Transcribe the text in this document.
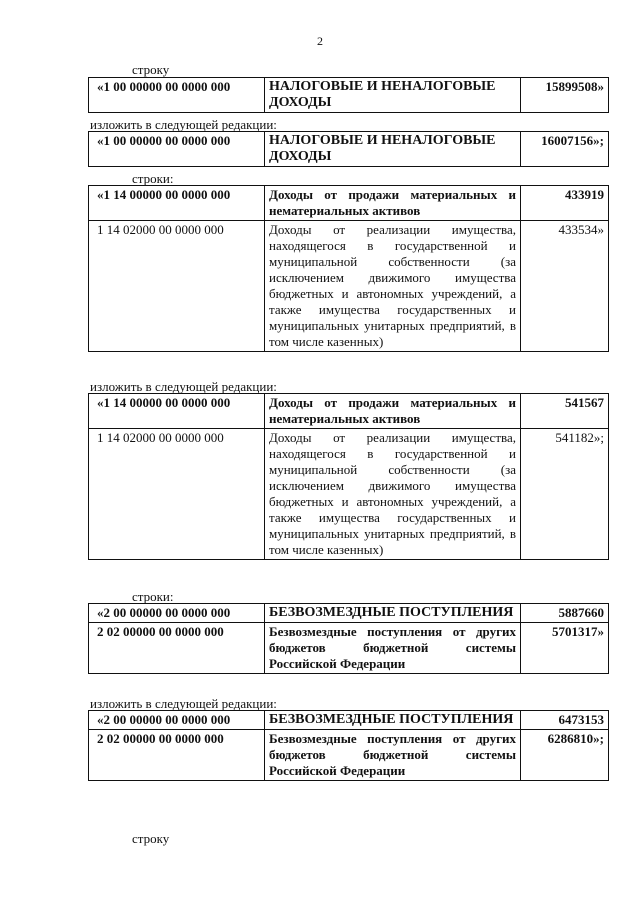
2
строку
«1 00 00000 00 0000 000	НАЛОГОВЫЕ И НЕНАЛОГОВЫЕ ДОХОДЫ	15899508»
изложить в следующей редакции:
«1 00 00000 00 0000 000	НАЛОГОВЫЕ И НЕНАЛОГОВЫЕ ДОХОДЫ	16007156»;
строки:
«1 14 00000 00 0000 000	Доходы от продажи материальных и нематериальных активов	433919
1 14 02000 00 0000 000	Доходы от реализации имущества, находящегося в государственной и муниципальной собственности (за исключением движимого имущества бюджетных и автономных учреждений, а также имущества государственных и муниципальных унитарных предприятий, в том числе казенных)	433534»
изложить в следующей редакции:
«1 14 00000 00 0000 000	Доходы от продажи материальных и нематериальных активов	541567
1 14 02000 00 0000 000	Доходы от реализации имущества, находящегося в государственной и муниципальной собственности (за исключением движимого имущества бюджетных и автономных учреждений, а также имущества государственных и муниципальных унитарных предприятий, в том числе казенных)	541182»;
строки:
«2 00 00000 00 0000 000	БЕЗВОЗМЕЗДНЫЕ ПОСТУПЛЕНИЯ	5887660
2 02 00000 00 0000 000	Безвозмездные поступления от других бюджетов бюджетной системы Российской Федерации	5701317»
изложить в следующей редакции:
«2 00 00000 00 0000 000	БЕЗВОЗМЕЗДНЫЕ ПОСТУПЛЕНИЯ	6473153
2 02 00000 00 0000 000	Безвозмездные поступления от других бюджетов бюджетной системы Российской Федерации	6286810»;
строку
